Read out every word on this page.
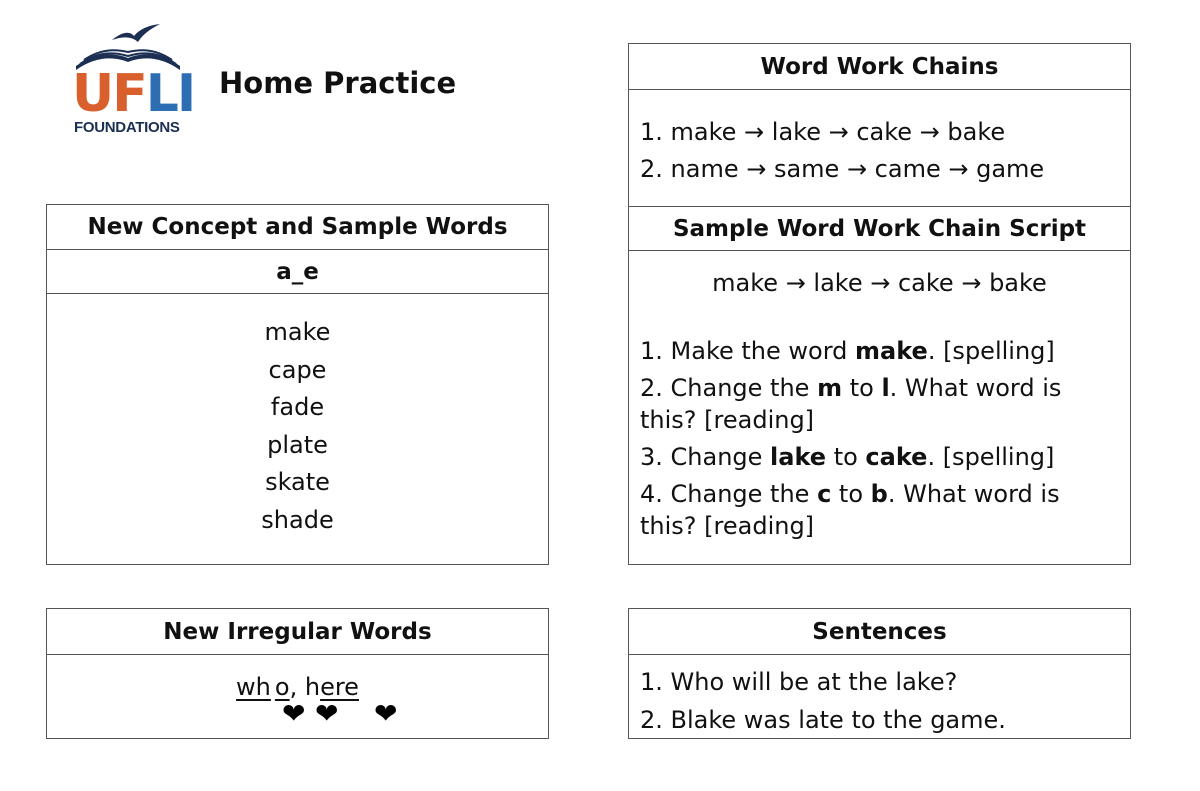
UFLI
FOUNDATIONS
Home Practice
New Concept and Sample Words
a_e
make
cape
fade
plate
skate
shade
Word Work Chains
1. make → lake → cake → bake
2. name → same → came → game
Sample Word Work Chain Script
make → lake → cake → bake

1. Make the word make. [spelling]

2. Change the m to l. What word is this? [reading]

3. Change lake to cake. [spelling]

4. Change the c to b. What word is this? [reading]

New Irregular Words
wh o, here
❤ ❤ ❤
Sentences
1. Who will be at the lake?
2. Blake was late to the game.
